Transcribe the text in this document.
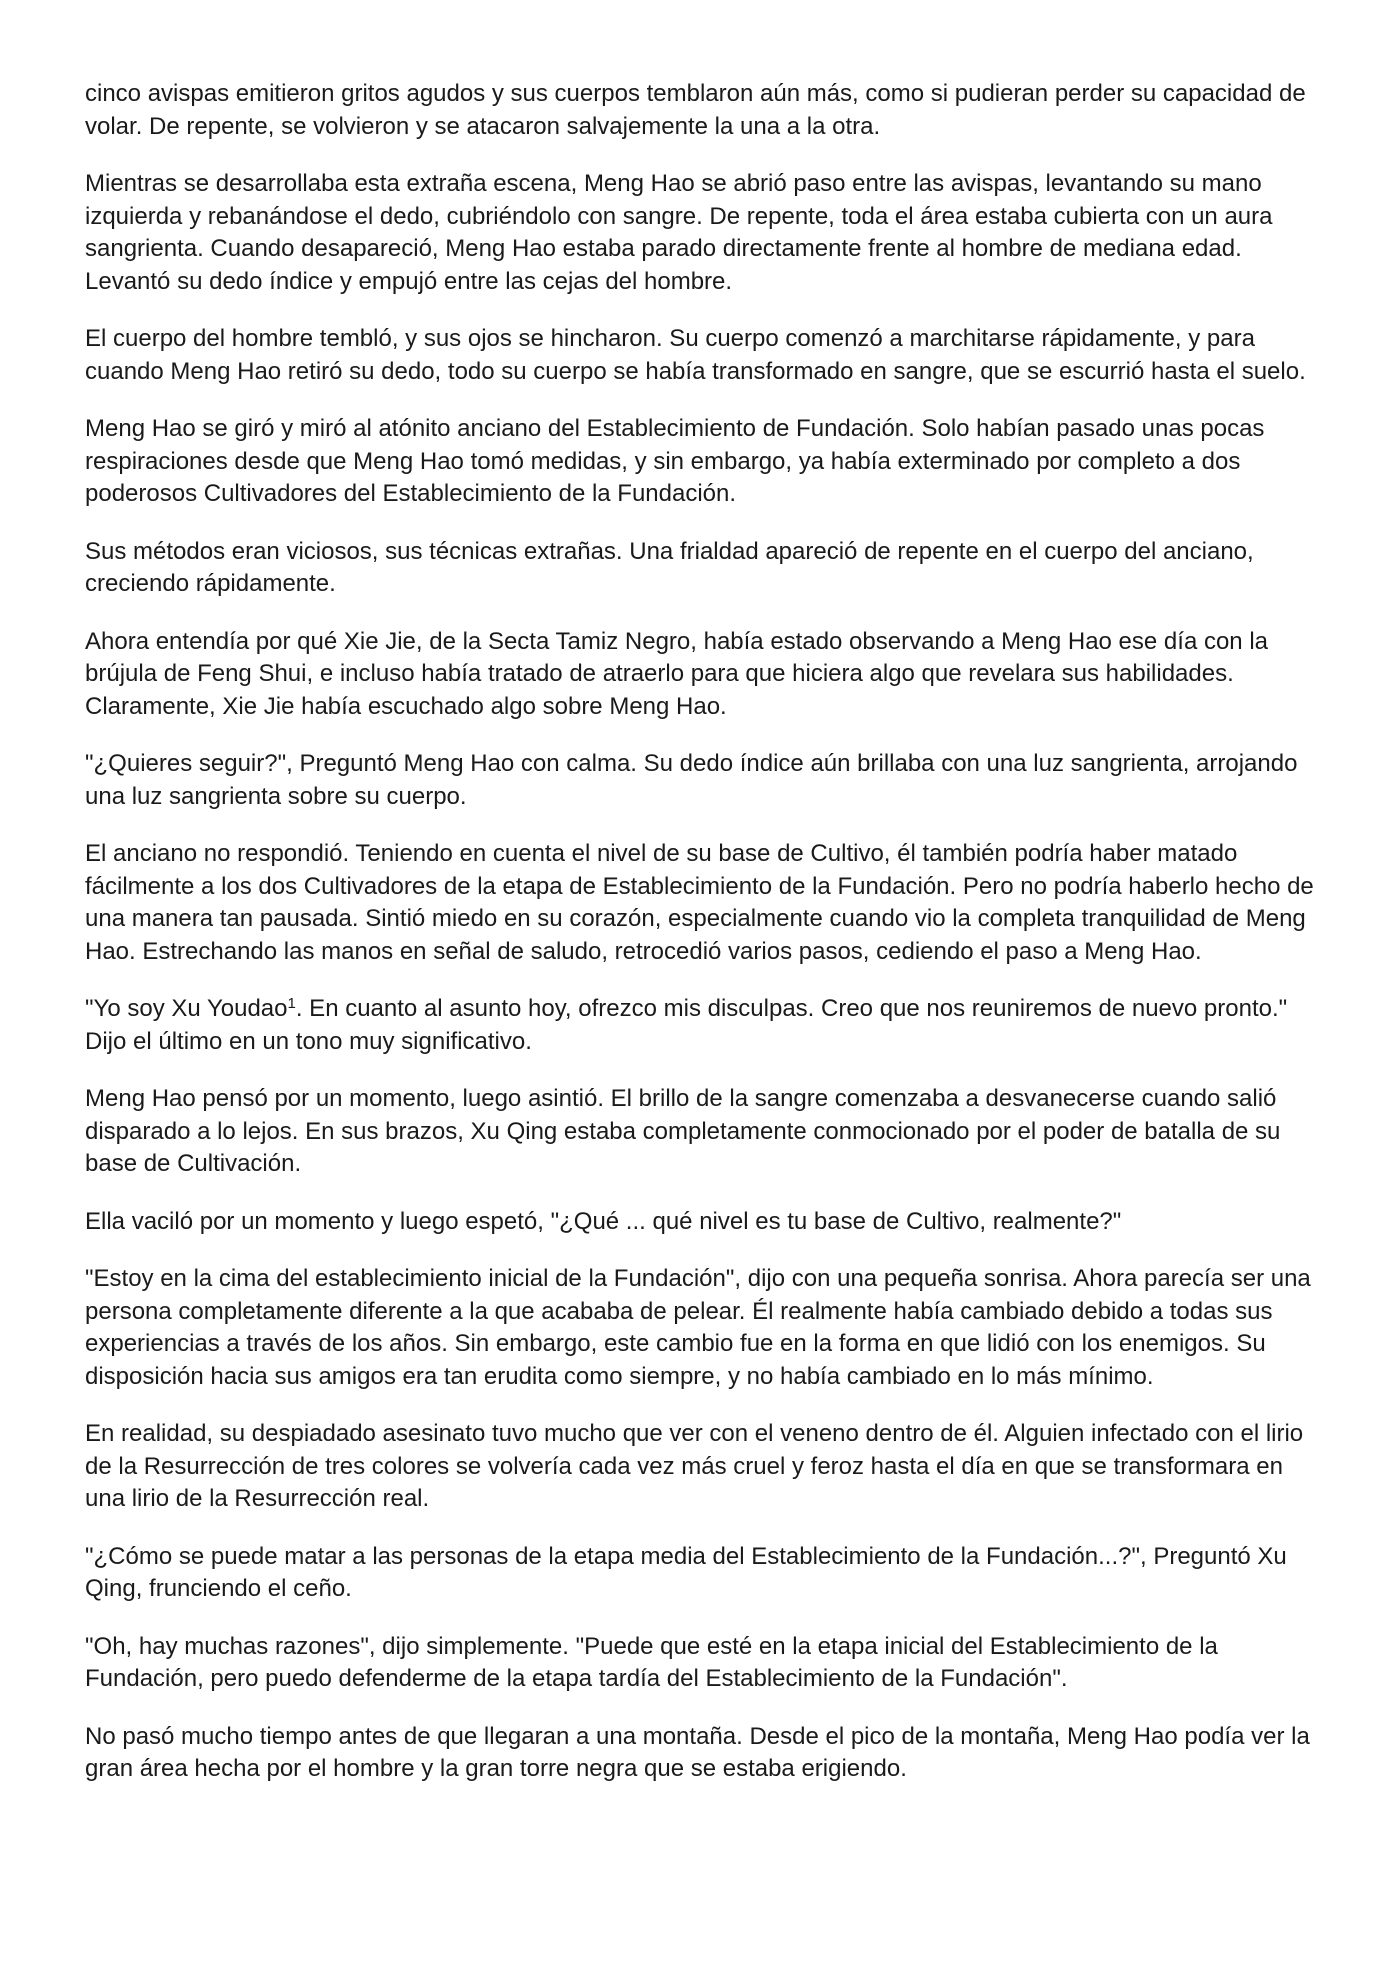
cinco avispas emitieron gritos agudos y sus cuerpos temblaron aún más, como si pudieran perder su capacidad de volar. De repente, se volvieron y se atacaron salvajemente la una a la otra.

Mientras se desarrollaba esta extraña escena, Meng Hao se abrió paso entre las avispas, levantando su mano izquierda y rebanándose el dedo, cubriéndolo con sangre. De repente, toda el área estaba cubierta con un aura sangrienta. Cuando desapareció, Meng Hao estaba parado directamente frente al hombre de mediana edad. Levantó su dedo índice y empujó entre las cejas del hombre.

El cuerpo del hombre tembló, y sus ojos se hincharon. Su cuerpo comenzó a marchitarse rápidamente, y para cuando Meng Hao retiró su dedo, todo su cuerpo se había transformado en sangre, que se escurrió hasta el suelo.

Meng Hao se giró y miró al atónito anciano del Establecimiento de Fundación. Solo habían pasado unas pocas respiraciones desde que Meng Hao tomó medidas, y sin embargo, ya había exterminado por completo a dos poderosos Cultivadores del Establecimiento de la Fundación.

Sus métodos eran viciosos, sus técnicas extrañas. Una frialdad apareció de repente en el cuerpo del anciano, creciendo rápidamente.

Ahora entendía por qué Xie Jie, de la Secta Tamiz Negro, había estado observando a Meng Hao ese día con la brújula de Feng Shui, e incluso había tratado de atraerlo para que hiciera algo que revelara sus habilidades. Claramente, Xie Jie había escuchado algo sobre Meng Hao.

"¿Quieres seguir?", Preguntó Meng Hao con calma. Su dedo índice aún brillaba con una luz sangrienta, arrojando una luz sangrienta sobre su cuerpo.

El anciano no respondió. Teniendo en cuenta el nivel de su base de Cultivo, él también podría haber matado fácilmente a los dos Cultivadores de la etapa de Establecimiento de la Fundación. Pero no podría haberlo hecho de una manera tan pausada. Sintió miedo en su corazón, especialmente cuando vio la completa tranquilidad de Meng Hao. Estrechando las manos en señal de saludo, retrocedió varios pasos, cediendo el paso a Meng Hao.

"Yo soy Xu Youdao$^1$. En cuanto al asunto hoy, ofrezco mis disculpas. Creo que nos reuniremos de nuevo pronto." Dijo el último en un tono muy significativo.

Meng Hao pensó por un momento, luego asintió. El brillo de la sangre comenzaba a desvanecerse cuando salió disparado a lo lejos. En sus brazos, Xu Qing estaba completamente conmocionado por el poder de batalla de su base de Cultivación.

Ella vaciló por un momento y luego espetó, "¿Qué ... qué nivel es tu base de Cultivo, realmente?"

"Estoy en la cima del establecimiento inicial de la Fundación", dijo con una pequeña sonrisa. Ahora parecía ser una persona completamente diferente a la que acababa de pelear. Él realmente había cambiado debido a todas sus experiencias a través de los años. Sin embargo, este cambio fue en la forma en que lidió con los enemigos. Su disposición hacia sus amigos era tan erudita como siempre, y no había cambiado en lo más mínimo.

En realidad, su despiadado asesinato tuvo mucho que ver con el veneno dentro de él. Alguien infectado con el lirio de la Resurrección de tres colores se volvería cada vez más cruel y feroz hasta el día en que se transformara en una lirio de la Resurrección real.

"¿Cómo se puede matar a las personas de la etapa media del Establecimiento de la Fundación...?", Preguntó Xu Qing, frunciendo el ceño.

"Oh, hay muchas razones", dijo simplemente. "Puede que esté en la etapa inicial del Establecimiento de la Fundación, pero puedo defenderme de la etapa tardía del Establecimiento de la Fundación".

No pasó mucho tiempo antes de que llegaran a una montaña. Desde el pico de la montaña, Meng Hao podía ver la gran área hecha por el hombre y la gran torre negra que se estaba erigiendo.
